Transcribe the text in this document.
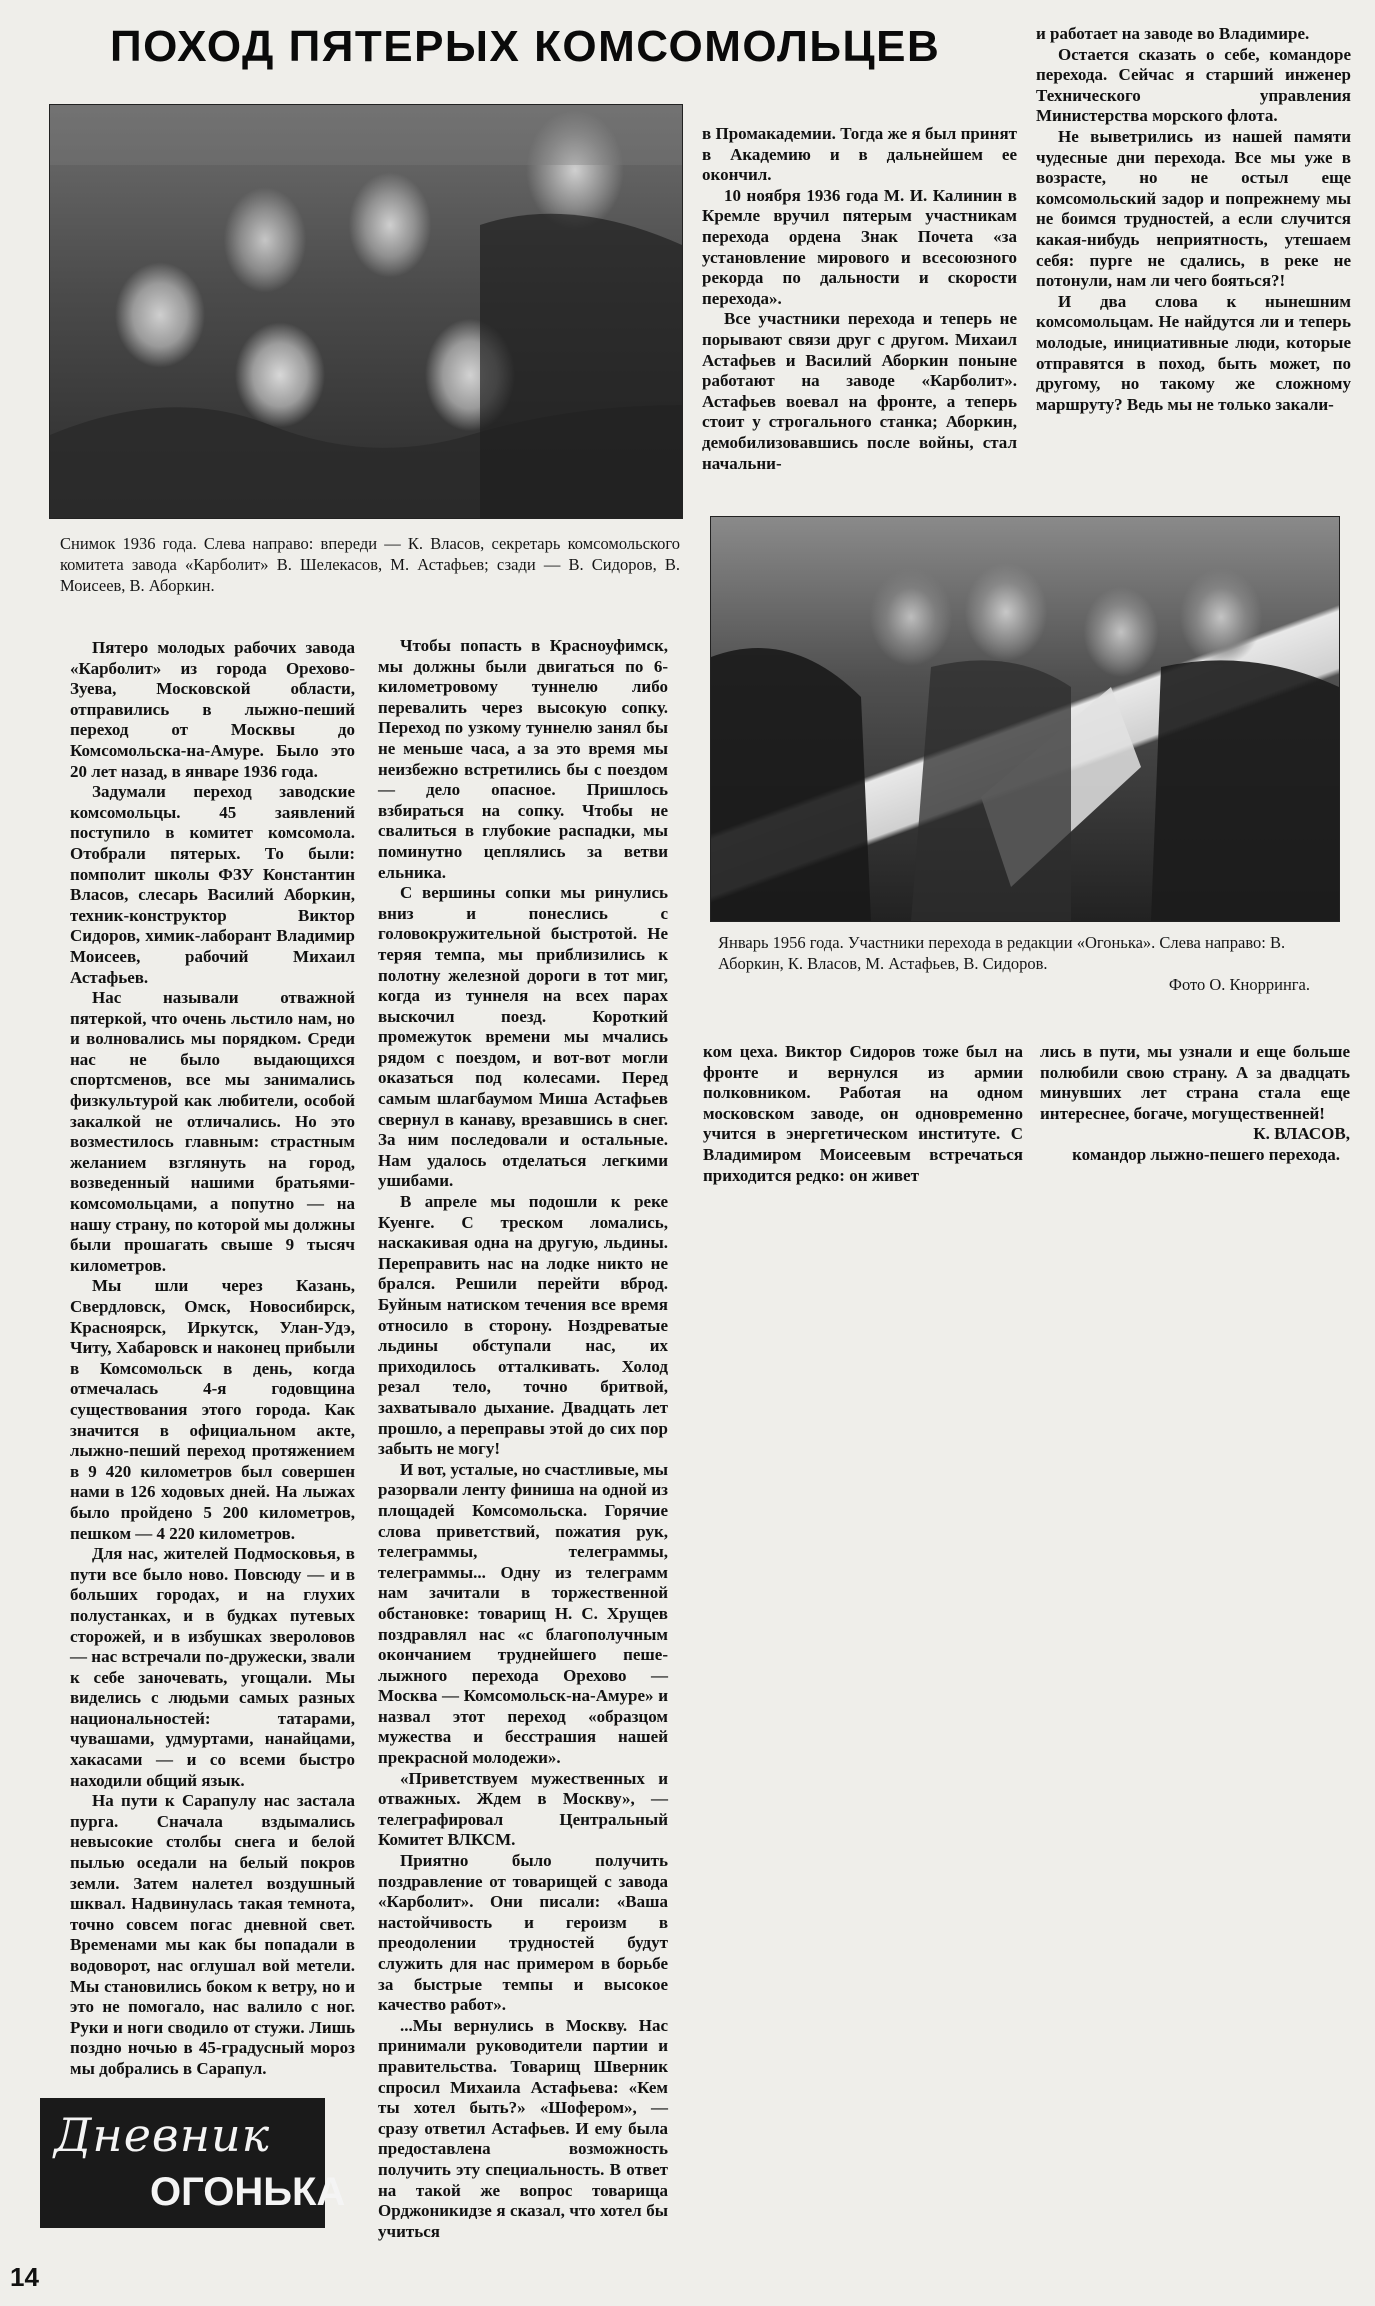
ПОХОД ПЯТЕРЫХ КОМСОМОЛЬЦЕВ
Снимок 1936 года. Слева направо: впереди — К. Власов, секретарь комсомольского комитета завода «Карболит» В. Шелекасов, М. Астафьев; сзади — В. Сидоров, В. Моисеев, В. Аборкин.
Январь 1956 года. Участники перехода в редакции «Огонька». Слева направо: В. Аборкин, К. Власов, М. Астафьев, В. Сидоров.
Фото О. Кнорринга.

Пятеро молодых рабочих завода «Карболит» из города Орехово-Зуева, Московской области, отправились в лыжно-пеший переход от Москвы до Комсомольска-на-Амуре. Было это 20 лет назад, в январе 1936 года.

Задумали переход заводские комсомольцы. 45 заявлений поступило в комитет комсомола. Отобрали пятерых. То были: помполит школы ФЗУ Константин Власов, слесарь Василий Аборкин, техник-конструктор Виктор Сидоров, химик-лаборант Владимир Моисеев, рабочий Михаил Астафьев.

Нас называли отважной пятеркой, что очень льстило нам, но и волновались мы порядком. Среди нас не было выдающихся спортсменов, все мы занимались физкультурой как любители, особой закалкой не отличались. Но это возместилось главным: страстным желанием взглянуть на город, возведенный нашими братьями-комсомольцами, а попутно — на нашу страну, по которой мы должны были прошагать свыше 9 тысяч километров.

Мы шли через Казань, Свердловск, Омск, Новосибирск, Красноярск, Иркутск, Улан-Удэ, Читу, Хабаровск и наконец прибыли в Комсомольск в день, когда отмечалась 4-я годовщина существования этого города. Как значится в официальном акте, лыжно-пеший переход протяжением в 9 420 километров был совершен нами в 126 ходовых дней. На лыжах было пройдено 5 200 километров, пешком — 4 220 километров.

Для нас, жителей Подмосковья, в пути все было ново. Повсюду — и в больших городах, и на глухих полустанках, и в будках путевых сторожей, и в избушках звероловов — нас встречали по-дружески, звали к себе заночевать, угощали. Мы виделись с людьми самых разных национальностей: татарами, чувашами, удмуртами, нанайцами, хакасами — и со всеми быстро находили общий язык.

На пути к Сарапулу нас застала пурга. Сначала вздымались невысокие столбы снега и белой пылью оседали на белый покров земли. Затем налетел воздушный шквал. Надвинулась такая темнота, точно совсем погас дневной свет. Временами мы как бы попадали в водоворот, нас оглушал вой метели. Мы становились боком к ветру, но и это не помогало, нас валило с ног. Руки и ноги сводило от стужи. Лишь поздно ночью в 45-градусный мороз мы добрались в Сарапул.

Чтобы попасть в Красноуфимск, мы должны были двигаться по 6-километровому туннелю либо перевалить через высокую сопку. Переход по узкому туннелю занял бы не меньше часа, а за это время мы неизбежно встретились бы с поездом — дело опасное. Пришлось взбираться на сопку. Чтобы не свалиться в глубокие распадки, мы поминутно цеплялись за ветви ельника.

С вершины сопки мы ринулись вниз и понеслись с головокружительной быстротой. Не теряя темпа, мы приблизились к полотну железной дороги в тот миг, когда из туннеля на всех парах выскочил поезд. Короткий промежуток времени мы мчались рядом с поездом, и вот-вот могли оказаться под колесами. Перед самым шлагбаумом Миша Астафьев свернул в канаву, врезавшись в снег. За ним последовали и остальные. Нам удалось отделаться легкими ушибами.

В апреле мы подошли к реке Куенге. С треском ломались, наскакивая одна на другую, льдины. Переправить нас на лодке никто не брался. Решили перейти вброд. Буйным натиском течения все время относило в сторону. Ноздреватые льдины обступали нас, их приходилось отталкивать. Холод резал тело, точно бритвой, захватывало дыхание. Двадцать лет прошло, а переправы этой до сих пор забыть не могу!

И вот, усталые, но счастливые, мы разорвали ленту финиша на одной из площадей Комсомольска. Горячие слова приветствий, пожатия рук, телеграммы, телеграммы, телеграммы... Одну из телеграмм нам зачитали в торжественной обстановке: товарищ Н. С. Хрущев поздравлял нас «с благополучным окончанием труднейшего пеше-лыжного перехода Орехово — Москва — Комсомольск-на-Амуре» и назвал этот переход «образцом мужества и бесстрашия нашей прекрасной молодежи».

«Приветствуем мужественных и отважных. Ждем в Москву», — телеграфировал Центральный Комитет ВЛКСМ.

Приятно было получить поздравление от товарищей с завода «Карболит». Они писали: «Ваша настойчивость и героизм в преодолении трудностей будут служить для нас примером в борьбе за быстрые темпы и высокое качество работ».

...Мы вернулись в Москву. Нас принимали руководители партии и правительства. Товарищ Шверник спросил Михаила Астафьева: «Кем ты хотел быть?» «Шофером», — сразу ответил Астафьев. И ему была предоставлена возможность получить эту специальность. В ответ на такой же вопрос товарища Орджоникидзе я сказал, что хотел бы учиться

в Промакадемии. Тогда же я был принят в Академию и в дальнейшем ее окончил.

10 ноября 1936 года М. И. Калинин в Кремле вручил пятерым участникам перехода ордена Знак Почета «за установление мирового и всесоюзного рекорда по дальности и скорости перехода».

Все участники перехода и теперь не порывают связи друг с другом. Михаил Астафьев и Василий Аборкин поныне работают на заводе «Карболит». Астафьев воевал на фронте, а теперь стоит у строгального станка; Аборкин, демобилизовавшись после войны, стал начальни-

и работает на заводе во Владимире.

Остается сказать о себе, командоре перехода. Сейчас я старший инженер Технического управления Министерства морского флота.

Не выветрились из нашей памяти чудесные дни перехода. Все мы уже в возрасте, но не остыл еще комсомольский задор и попрежнему мы не боимся трудностей, а если случится какая-нибудь неприятность, утешаем себя: пурге не сдались, в реке не потонули, нам ли чего бояться?!

И два слова к нынешним комсомольцам. Не найдутся ли и теперь молодые, инициативные люди, которые отправятся в поход, быть может, по другому, но такому же сложному маршруту? Ведь мы не только закали-

ком цеха. Виктор Сидоров тоже был на фронте и вернулся из армии полковником. Работая на одном московском заводе, он одновременно учится в энергетическом институте. С Владимиром Моисеевым встречаться приходится редко: он живет

лись в пути, мы узнали и еще больше полюбили свою страну. А за двадцать минувших лет страна стала еще интереснее, богаче, могущественней!

К. ВЛАСОВ,

командор лыжно-пешего перехода.

Дневник
ОГОНЬКА
14
